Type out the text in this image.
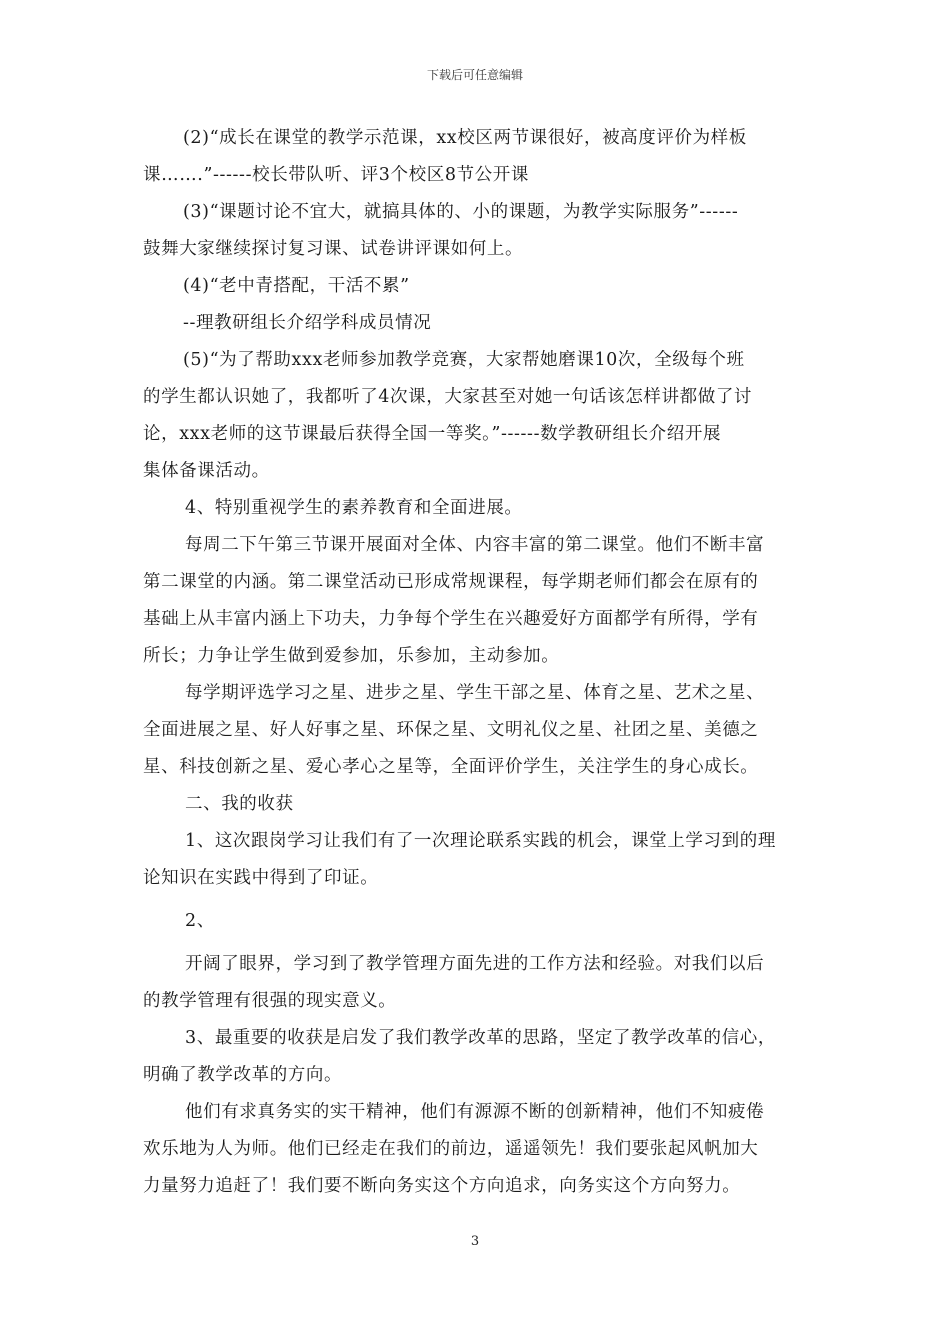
下载后可任意编辑
(2)“成长在课堂的教学示范课，xx校区两节课很好，被高度评价为样板
课…….”------校长带队听、评3个校区8节公开课
(3)“课题讨论不宜大，就搞具体的、小的课题，为教学实际服务”------
鼓舞大家继续探讨复习课、试卷讲评课如何上。
(4)“老中青搭配，干活不累”
--理教研组长介绍学科成员情况
(5)“为了帮助xxx老师参加教学竞赛，大家帮她磨课10次，全级每个班
的学生都认识她了，我都听了4次课，大家甚至对她一句话该怎样讲都做了讨
论，xxx老师的这节课最后获得全国一等奖。”------数学教研组长介绍开展
集体备课活动。
4、特别重视学生的素养教育和全面进展。
每周二下午第三节课开展面对全体、内容丰富的第二课堂。他们不断丰富
第二课堂的内涵。第二课堂活动已形成常规课程，每学期老师们都会在原有的
基础上从丰富内涵上下功夫，力争每个学生在兴趣爱好方面都学有所得，学有
所长；力争让学生做到爱参加，乐参加，主动参加。
每学期评选学习之星、进步之星、学生干部之星、体育之星、艺术之星、
全面进展之星、好人好事之星、环保之星、文明礼仪之星、社团之星、美德之
星、科技创新之星、爱心孝心之星等，全面评价学生，关注学生的身心成长。
二、我的收获
1、这次跟岗学习让我们有了一次理论联系实践的机会，课堂上学习到的理
论知识在实践中得到了印证。
2、
开阔了眼界，学习到了教学管理方面先进的工作方法和经验。对我们以后
的教学管理有很强的现实意义。
3、最重要的收获是启发了我们教学改革的思路，坚定了教学改革的信心，
明确了教学改革的方向。
他们有求真务实的实干精神，他们有源源不断的创新精神，他们不知疲倦
欢乐地为人为师。他们已经走在我们的前边，遥遥领先！我们要张起风帆加大
力量努力追赶了！我们要不断向务实这个方向追求，向务实这个方向努力。
3
